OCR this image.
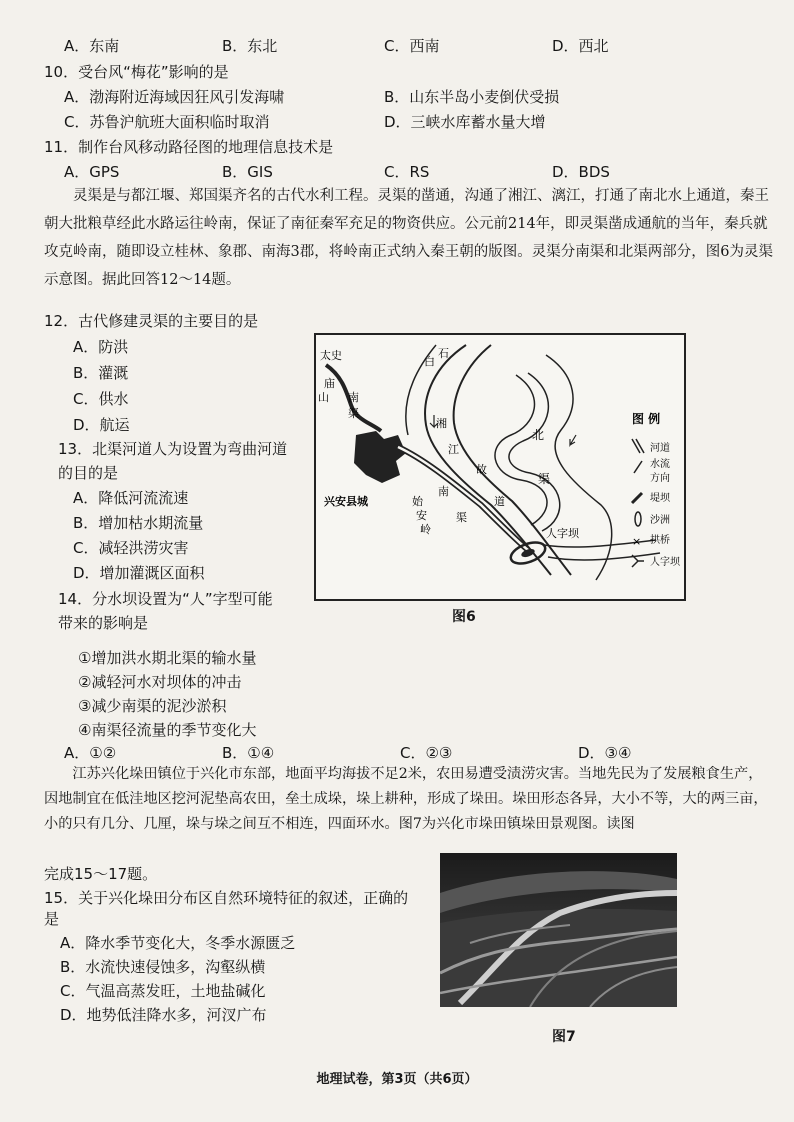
A．东南	B．东北	C．西南	D．西北
10．受台风“梅花”影响的是
A．渤海附近海域因狂风引发海啸	B．山东半岛小麦倒伏受损
C．苏鲁沪航班大面积临时取消	D．三峡水库蓄水量大增
11．制作台风移动路径图的地理信息技术是
A．GPS	B．GIS	C．RS	D．BDS
灵渠是与都江堰、郑国渠齐名的古代水利工程。灵渠的凿通，沟通了湘江、漓江，打通了南北水上通道，秦王朝大批粮草经此水路运往岭南，保证了南征秦军充足的物资供应。公元前214年，即灵渠凿成通航的当年，秦兵就攻克岭南，随即设立桂林、象郡、南海3郡，将岭南正式纳入秦王朝的版图。灵渠分南渠和北渠两部分，图6为灵渠示意图。据此回答12～14题。
12．古代修建灵渠的主要目的是
A．防洪
B．灌溉
C．供水
D．航运
13．北渠河道人为设置为弯曲河道
的目的是
A．降低河流流速
B．增加枯水期流量
C．减轻洪涝灾害
D．增加灌溉区面积
14．分水坝设置为“人”字型可能
带来的影响是
①增加洪水期北渠的输水量
②减轻河水对坝体的冲击
③减少南渠的泥沙淤积
④南渠径流量的季节变化大
A．①②	B．①④	C．②③	D．③④
太史
庙
山 南
渠
白
石
湘
江
故
道
北
渠
兴安县城	始
安
岭
南
渠
人字坝
图 例
河道
水流
方向
堤坝
沙洲
× 拱桥
人字坝
图6
江苏兴化垛田镇位于兴化市东部，地面平均海拔不足2米，农田易遭受渍涝灾害。当地先民为了发展粮食生产，因地制宜在低洼地区挖河泥垫高农田，垒土成垛，垛上耕种，形成了垛田。垛田形态各异，大小不等，大的两三亩，小的只有几分、几厘，垛与垛之间互不相连，四面环水。图7为兴化市垛田镇垛田景观图。读图
完成15～17题。
15．关于兴化垛田分布区自然环境特征的叙述，正确的
是
A．降水季节变化大，冬季水源匮乏
B．水流快速侵蚀多，沟壑纵横
C．气温高蒸发旺，土地盐碱化
D．地势低洼降水多，河汊广布
图7
地理试卷，第3页（共6页）
